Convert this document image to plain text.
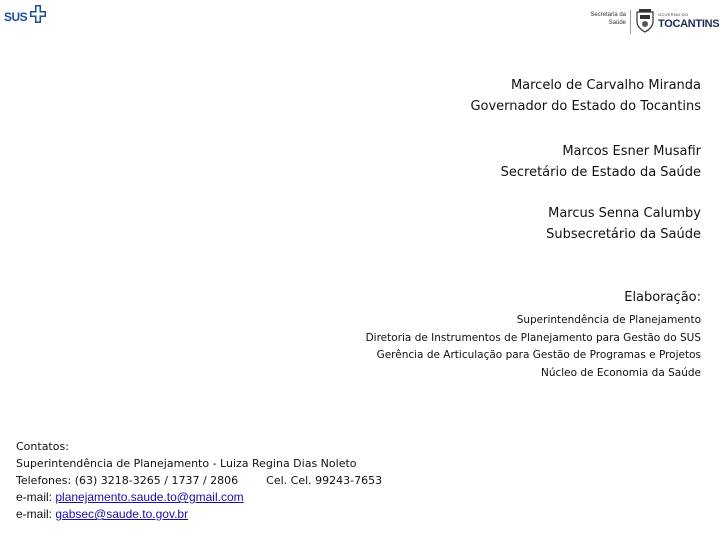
SUS	Secretaria da Saúde
GOVERNO DO
TOCANTINS
Marcelo de Carvalho Miranda
Governador do Estado do Tocantins
Marcos Esner Musafir
Secretário de Estado da Saúde
Marcus Senna Calumby
Subsecretário da Saúde
Elaboração:
Superintendência de Planejamento
Diretoria de Instrumentos de Planejamento para Gestão do SUS
Gerência de Articulação para Gestão de Programas e Projetos
Núcleo de Economia da Saúde
Contatos:
Superintendência de Planejamento - Luiza Regina Dias Noleto
Telefones: (63) 3218-3265 / 1737 / 2806	Cel. Cel. 99243-7653
e-mail: planejamento.saude.to@gmail.com
e-mail: gabsec@saude.to.gov.br
